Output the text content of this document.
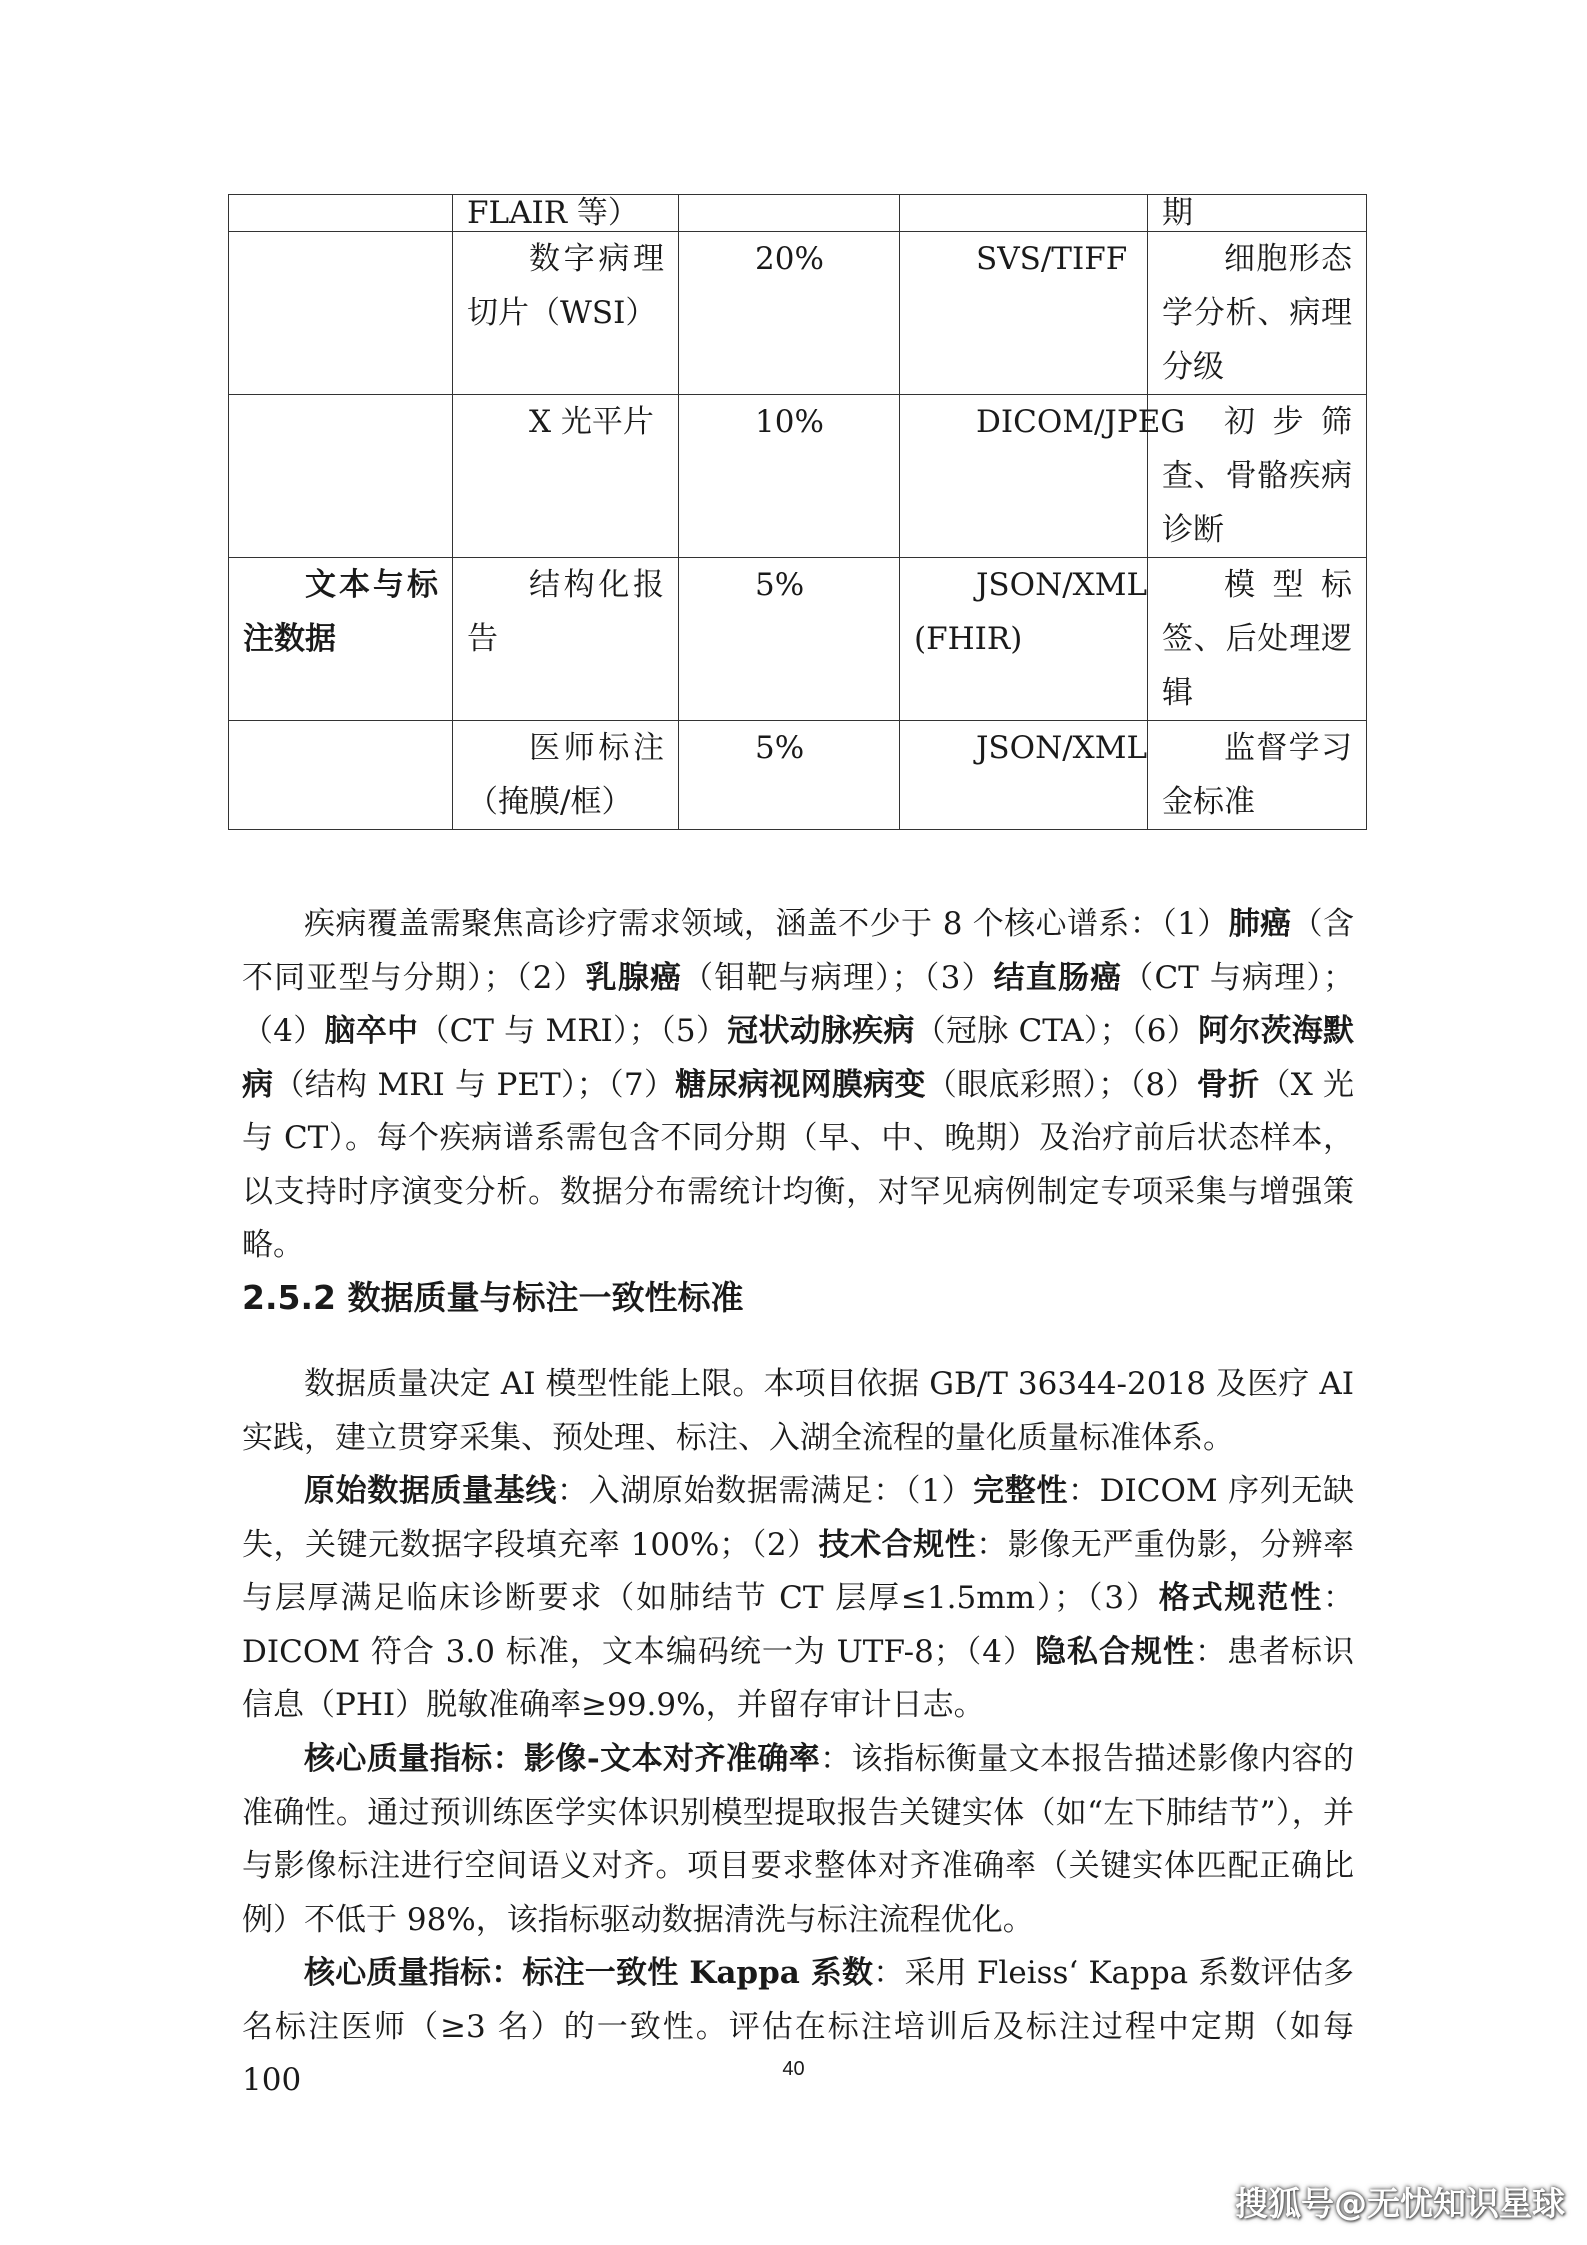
	FLAIR 等）			期
	数字病理切片（WSI）	20%	SVS/TIFF	细胞形态学分析、病理分级
	X 光平片	10%	DICOM/JPEG	初步筛查、骨骼疾病诊断
文本与标注数据	结构化报告	5%	JSON/XML (FHIR)	模型标签、后处理逻辑
	医师标注（掩膜/框）	5%	JSON/XML	监督学习金标准

疾病覆盖需聚焦高诊疗需求领域，涵盖不少于 8 个核心谱系：（1）肺癌（含不同亚型与分期）；（2）乳腺癌（钼靶与病理）；（3）结直肠癌（CT 与病理）；（4）脑卒中（CT 与 MRI）；（5）冠状动脉疾病（冠脉 CTA）；（6）阿尔茨海默病（结构 MRI 与 PET）；（7）糖尿病视网膜病变（眼底彩照）；（8）骨折（X 光与 CT）。每个疾病谱系需包含不同分期（早、中、晚期）及治疗前后状态样本，以支持时序演变分析。数据分布需统计均衡，对罕见病例制定专项采集与增强策略。

2.5.2 数据质量与标注一致性标准

数据质量决定 AI 模型性能上限。本项目依据 GB/T 36344-2018 及医疗 AI 实践，建立贯穿采集、预处理、标注、入湖全流程的量化质量标准体系。

原始数据质量基线：入湖原始数据需满足：（1）完整性：DICOM 序列无缺失，关键元数据字段填充率 100%；（2）技术合规性：影像无严重伪影，分辨率与层厚满足临床诊断要求（如肺结节 CT 层厚≤1.5mm）；（3）格式规范性：DICOM 符合 3.0 标准，文本编码统一为 UTF-8；（4）隐私合规性：患者标识信息（PHI）脱敏准确率≥99.9%，并留存审计日志。

核心质量指标：影像-文本对齐准确率：该指标衡量文本报告描述影像内容的准确性。通过预训练医学实体识别模型提取报告关键实体（如“左下肺结节”），并与影像标注进行空间语义对齐。项目要求整体对齐准确率（关键实体匹配正确比例）不低于 98%，该指标驱动数据清洗与标注流程优化。

核心质量指标：标注一致性 Kappa 系数：采用 Fleiss‘ Kappa 系数评估多名标注医师（≥3 名）的一致性。评估在标注培训后及标注过程中定期（如每 100	40
搜狐号@无忧知识星球
